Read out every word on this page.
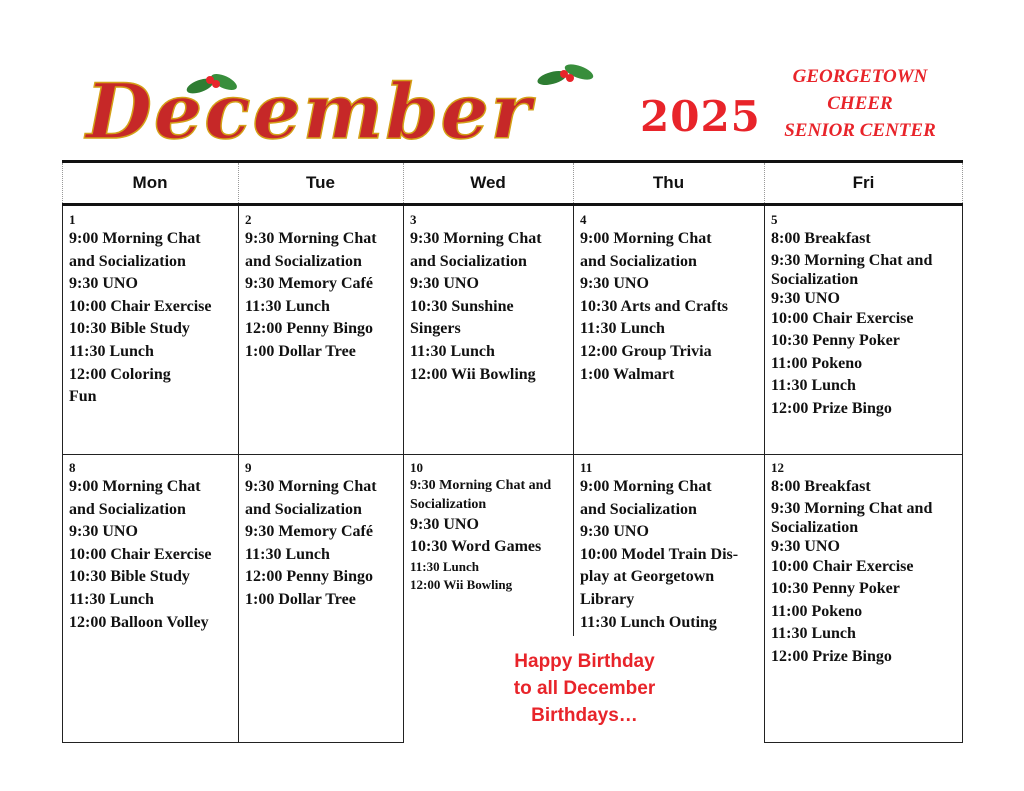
December	2025
GEORGETOWN
CHEER
SENIOR CENTER
Mon	Tue	Wed	Thu	Fri
1
9:00 Morning Chat
and Socialization
9:30 UNO
10:00 Chair Exercise
10:30 Bible Study
11:30 Lunch
12:00 Coloring
Fun
2
9:30 Morning Chat
and Socialization
9:30 Memory Café
11:30 Lunch
12:00 Penny Bingo
1:00 Dollar Tree
3
9:30 Morning Chat
and Socialization
9:30 UNO
10:30 Sunshine
Singers
11:30 Lunch
12:00 Wii Bowling
4
9:00 Morning Chat
and Socialization
9:30 UNO
10:30 Arts and Crafts
11:30 Lunch
12:00 Group Trivia
1:00 Walmart
5
8:00 Breakfast
9:30 Morning Chat and
Socialization
9:30 UNO
10:00 Chair Exercise
10:30 Penny Poker
11:00 Pokeno
11:30 Lunch
12:00 Prize Bingo
8
9:00 Morning Chat
and Socialization
9:30 UNO
10:00 Chair Exercise
10:30 Bible Study
11:30 Lunch
12:00 Balloon Volley
9
9:30 Morning Chat
and Socialization
9:30 Memory Café
11:30 Lunch
12:00 Penny Bingo
1:00 Dollar Tree
10
9:30 Morning Chat and
Socialization
9:30 UNO
10:30 Word Games
11:30 Lunch
12:00 Wii Bowling
11
9:00 Morning Chat
and Socialization
9:30 UNO
10:00 Model Train Dis-
play at Georgetown
Library
11:30 Lunch Outing
12
8:00 Breakfast
9:30 Morning Chat and
Socialization
9:30 UNO
10:00 Chair Exercise
10:30 Penny Poker
11:00 Pokeno
11:30 Lunch
12:00 Prize Bingo
Happy Birthday
to all December
Birthdays…
